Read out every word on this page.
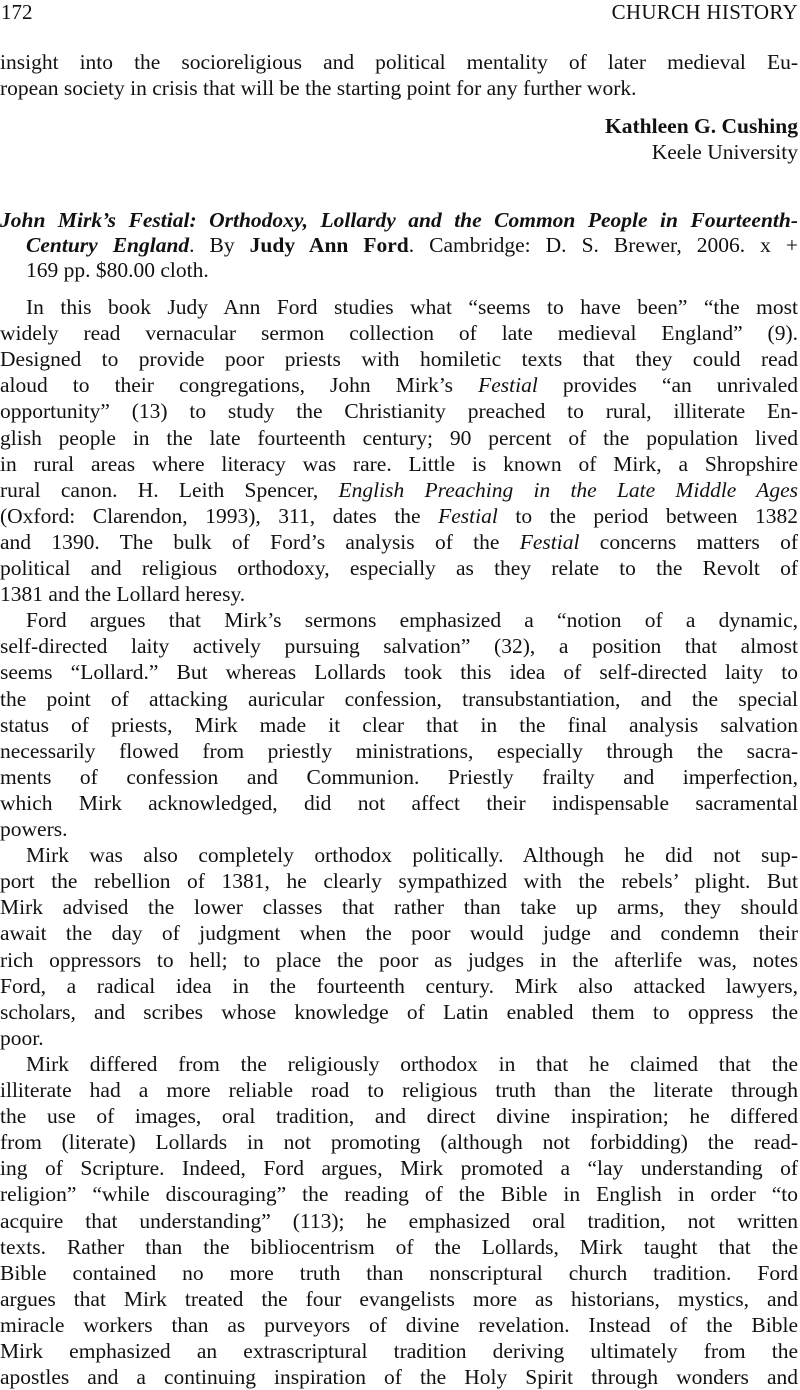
172	CHURCH HISTORY
insight into the socioreligious and political mentality of later medieval Eu-
ropean society in crisis that will be the starting point for any further work.
Kathleen G. Cushing
Keele University
John Mirk’s Festial: Orthodoxy, Lollardy and the Common People in Fourteenth-
Century England. By Judy Ann Ford. Cambridge: D. S. Brewer, 2006. x +
169 pp. $80.00 cloth.
In this book Judy Ann Ford studies what “seems to have been” “the most
widely read vernacular sermon collection of late medieval England” (9).
Designed to provide poor priests with homiletic texts that they could read
aloud to their congregations, John Mirk’s Festial provides “an unrivaled
opportunity” (13) to study the Christianity preached to rural, illiterate En-
glish people in the late fourteenth century; 90 percent of the population lived
in rural areas where literacy was rare. Little is known of Mirk, a Shropshire
rural canon. H. Leith Spencer, English Preaching in the Late Middle Ages
(Oxford: Clarendon, 1993), 311, dates the Festial to the period between 1382
and 1390. The bulk of Ford’s analysis of the Festial concerns matters of
political and religious orthodoxy, especially as they relate to the Revolt of
1381 and the Lollard heresy.
Ford argues that Mirk’s sermons emphasized a “notion of a dynamic,
self-directed laity actively pursuing salvation” (32), a position that almost
seems “Lollard.” But whereas Lollards took this idea of self-directed laity to
the point of attacking auricular confession, transubstantiation, and the special
status of priests, Mirk made it clear that in the final analysis salvation
necessarily flowed from priestly ministrations, especially through the sacra-
ments of confession and Communion. Priestly frailty and imperfection,
which Mirk acknowledged, did not affect their indispensable sacramental
powers.
Mirk was also completely orthodox politically. Although he did not sup-
port the rebellion of 1381, he clearly sympathized with the rebels’ plight. But
Mirk advised the lower classes that rather than take up arms, they should
await the day of judgment when the poor would judge and condemn their
rich oppressors to hell; to place the poor as judges in the afterlife was, notes
Ford, a radical idea in the fourteenth century. Mirk also attacked lawyers,
scholars, and scribes whose knowledge of Latin enabled them to oppress the
poor.
Mirk differed from the religiously orthodox in that he claimed that the
illiterate had a more reliable road to religious truth than the literate through
the use of images, oral tradition, and direct divine inspiration; he differed
from (literate) Lollards in not promoting (although not forbidding) the read-
ing of Scripture. Indeed, Ford argues, Mirk promoted a “lay understanding of
religion” “while discouraging” the reading of the Bible in English in order “to
acquire that understanding” (113); he emphasized oral tradition, not written
texts. Rather than the bibliocentrism of the Lollards, Mirk taught that the
Bible contained no more truth than nonscriptural church tradition. Ford
argues that Mirk treated the four evangelists more as historians, mystics, and
miracle workers than as purveyors of divine revelation. Instead of the Bible
Mirk emphasized an extrascriptural tradition deriving ultimately from the
apostles and a continuing inspiration of the Holy Spirit through wonders and
